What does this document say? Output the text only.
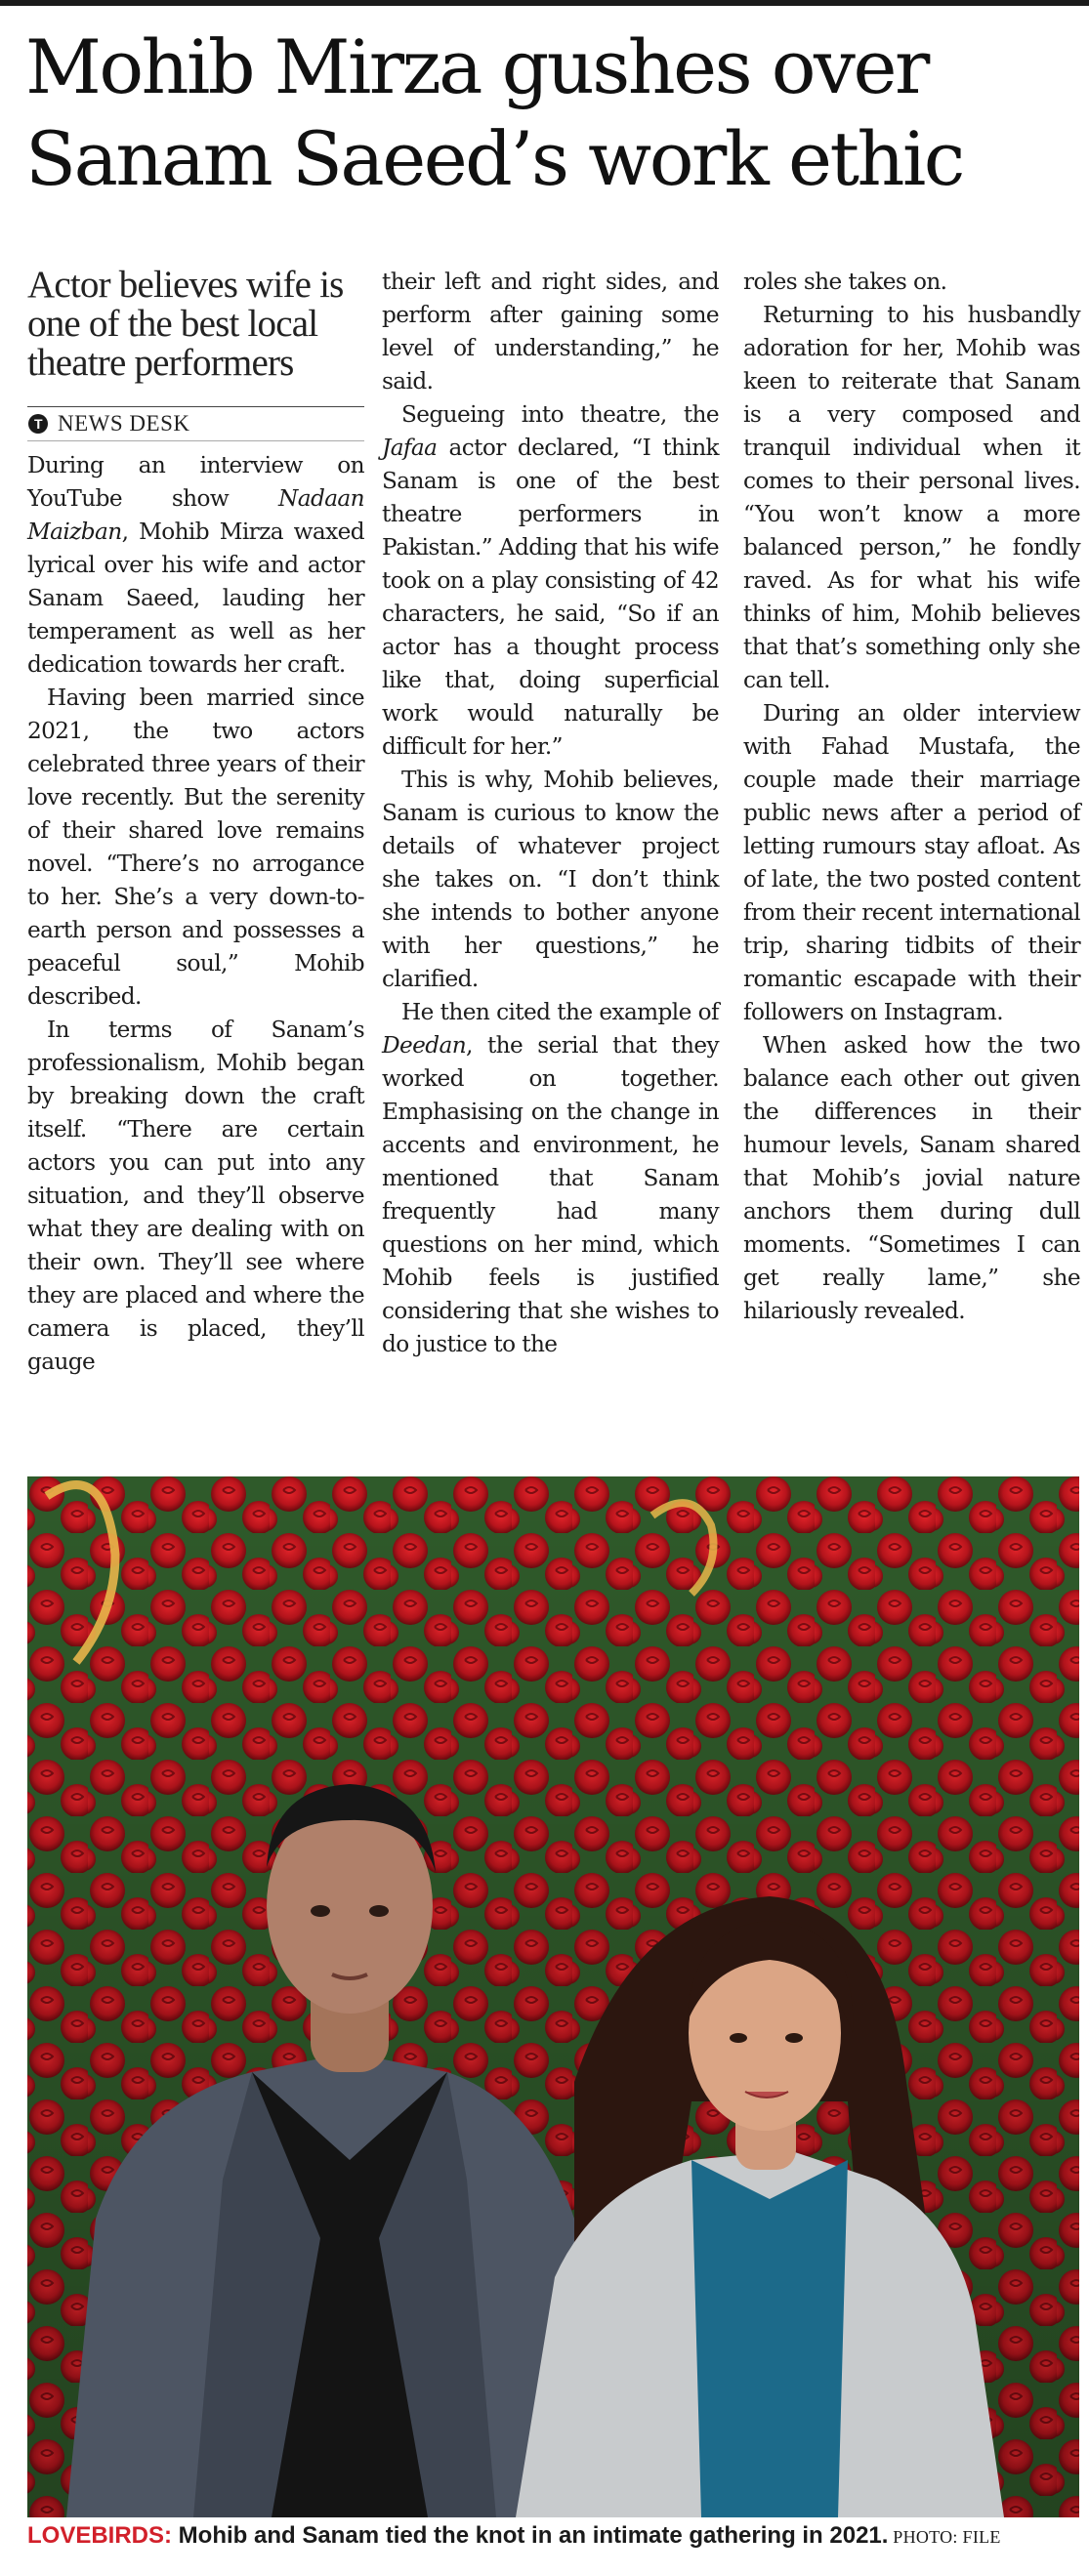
Mohib Mirza gushes over
Sanam Saeed’s work ethic
Actor believes wife is one of the best local theatre performers
T
NEWS DESK

During an interview on YouTube show Nadaan Maizban, Mohib Mirza waxed lyrical over his wife and actor Sanam Saeed, lauding her temperament as well as her dedication towards her craft.

Having been married since 2021, the two actors celebrated three years of their love recently. But the serenity of their shared love remains novel. “There’s no arrogance to her. She’s a very down-to-earth person and possesses a peaceful soul,” Mohib described.

In terms of Sanam’s professionalism, Mohib began by breaking down the craft itself. “There are certain actors you can put into any situation, and they’ll observe what they are dealing with on their own. They’ll see where they are placed and where the camera is placed, they’ll gauge

their left and right sides, and perform after gaining some level of understanding,” he said.

Segueing into theatre, the Jafaa actor declared, “I think Sanam is one of the best theatre performers in Pakistan.” Adding that his wife took on a play consisting of 42 characters, he said, “So if an actor has a thought process like that, doing superficial work would naturally be difficult for her.”

This is why, Mohib believes, Sanam is curious to know the details of whatever project she takes on. “I don’t think she intends to bother anyone with her questions,” he clarified.

He then cited the example of Deedan, the serial that they worked on together. Emphasising on the change in accents and environment, he mentioned that Sanam frequently had many questions on her mind, which Mohib feels is justified considering that she wishes to do justice to the

roles she takes on.

Returning to his husbandly adoration for her, Mohib was keen to reiterate that Sanam is a very composed and tranquil individual when it comes to their personal lives. “You won’t know a more balanced person,” he fondly raved. As for what his wife thinks of him, Mohib believes that that’s something only she can tell.

During an older interview with Fahad Mustafa, the couple made their marriage public news after a period of letting rumours stay afloat. As of late, the two posted content from their recent international trip, sharing tidbits of their romantic escapade with their followers on Instagram.

When asked how the two balance each other out given the differences in their humour levels, Sanam shared that Mohib’s jovial nature anchors them during dull moments. “Sometimes I can get really lame,” she hilariously revealed.

LOVEBIRDS: Mohib and Sanam tied the knot in an intimate gathering in 2021. PHOTO: FILE
